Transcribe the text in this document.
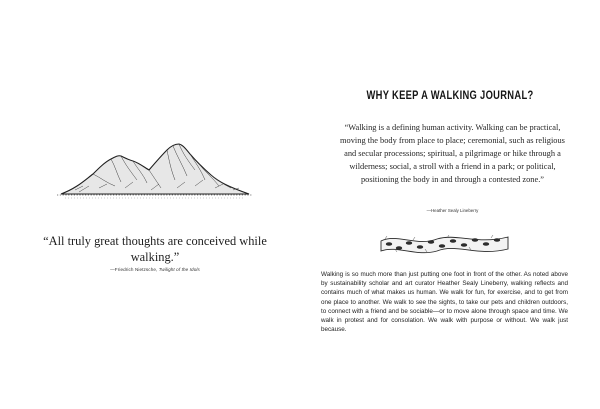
“All truly great thoughts are conceived while walking.”
—Friedrich Nietzsche, Twilight of the Idols
WHY KEEP A WALKING JOURNAL?
“Walking is a defining human activity. Walking can be practical, moving the body from place to place; ceremonial, such as religious and secular processions; spiritual, a pilgrimage or hike through a wilderness; social, a stroll with a friend in a park; or political, positioning the body in and through a contested zone.”
—Heather Sealy Lineberry
Walking is so much more than just putting one foot in front of the other. As noted above by sustainability scholar and art curator Heather Sealy Lineberry, walking reflects and contains much of what makes us human. We walk for fun, for exercise, and to get from one place to another. We walk to see the sights, to take our pets and children outdoors, to connect with a friend and be sociable—or to move alone through space and time. We walk in protest and for consolation. We walk with purpose or without. We walk just because.
